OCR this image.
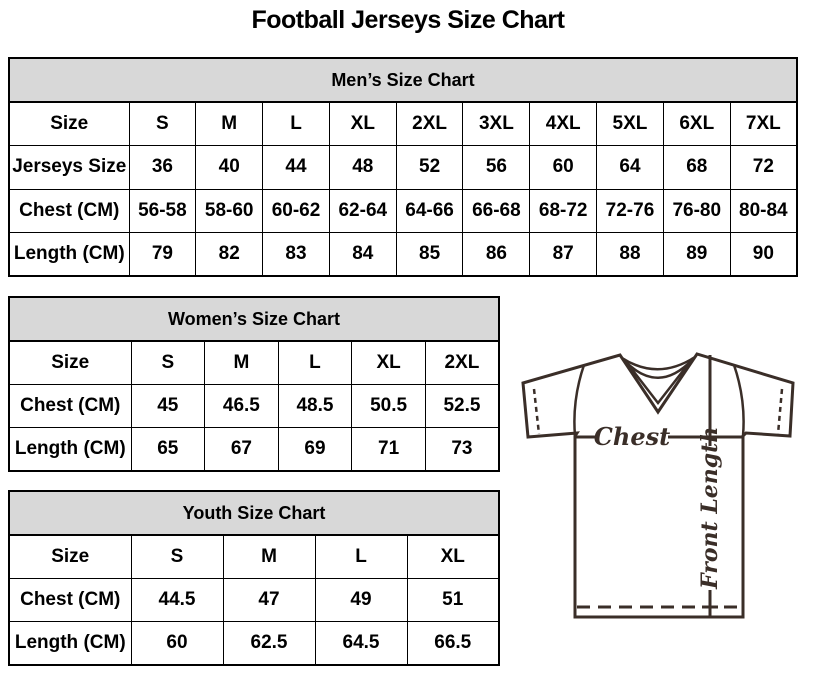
Football Jerseys Size Chart
Men’s Size Chart										
Size	S	M	L	XL	2XL	3XL	4XL	5XL	6XL	7XL
Jerseys Size	36	40	44	48	52	56	60	64	68	72
Chest (CM)	56-58	58-60	60-62	62-64	64-66	66-68	68-72	72-76	76-80	80-84
Length (CM)	79	82	83	84	85	86	87	88	89	90
Women’s Size Chart					
Size	S	M	L	XL	2XL
Chest (CM)	45	46.5	48.5	50.5	52.5
Length (CM)	65	67	69	71	73
Youth Size Chart				
Size	S	M	L	XL
Chest (CM)	44.5	47	49	51
Length (CM)	60	62.5	64.5	66.5
Chest Front Length
